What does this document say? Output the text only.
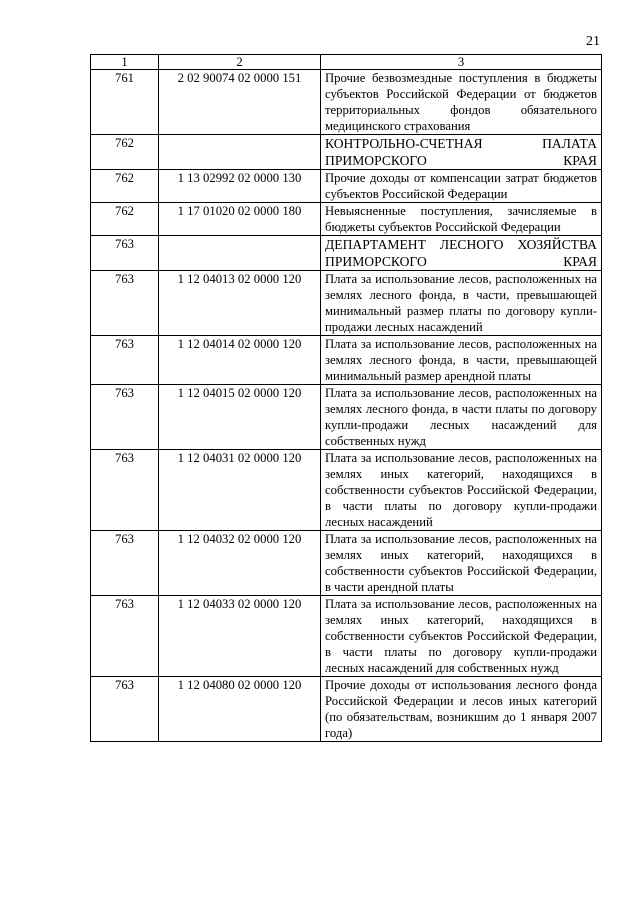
21
1	2	3
761	2 02 90074 02 0000 151	Прочие безвозмездные поступления в бюджеты субъектов Российской Федерации от бюджетов территориальных фондов обязательного медицинского страхования
762		КОНТРОЛЬНО-СЧЕТНАЯ ПАЛАТА ПРИМОРСКОГО КРАЯ
762	1 13 02992 02 0000 130	Прочие доходы от компенсации затрат бюджетов субъектов Российской Федерации
762	1 17 01020 02 0000 180	Невыясненные поступления, зачисляемые в бюджеты субъектов Российской Федерации
763		ДЕПАРТАМЕНТ ЛЕСНОГО ХОЗЯЙСТВА ПРИМОРСКОГО КРАЯ
763	1 12 04013 02 0000 120	Плата за использование лесов, расположенных на землях лесного фонда, в части, превышающей минимальный размер платы по договору купли-продажи лесных насаждений
763	1 12 04014 02 0000 120	Плата за использование лесов, расположенных на землях лесного фонда, в части, превышающей минимальный размер арендной платы
763	1 12 04015 02 0000 120	Плата за использование лесов, расположенных на землях лесного фонда, в части платы по договору купли-продажи лесных насаждений для собственных нужд
763	1 12 04031 02 0000 120	Плата за использование лесов, расположенных на землях иных категорий, находящихся в собственности субъектов Российской Федерации, в части платы по договору купли-продажи лесных насаждений
763	1 12 04032 02 0000 120	Плата за использование лесов, расположенных на землях иных категорий, находящихся в собственности субъектов Российской Федерации, в части арендной платы
763	1 12 04033 02 0000 120	Плата за использование лесов, расположенных на землях иных категорий, находящихся в собственности субъектов Российской Федерации, в части платы по договору купли-продажи лесных насаждений для собственных нужд
763	1 12 04080 02 0000 120	Прочие доходы от использования лесного фонда Российской Федерации и лесов иных категорий (по обязательствам, возникшим до 1 января 2007 года)
